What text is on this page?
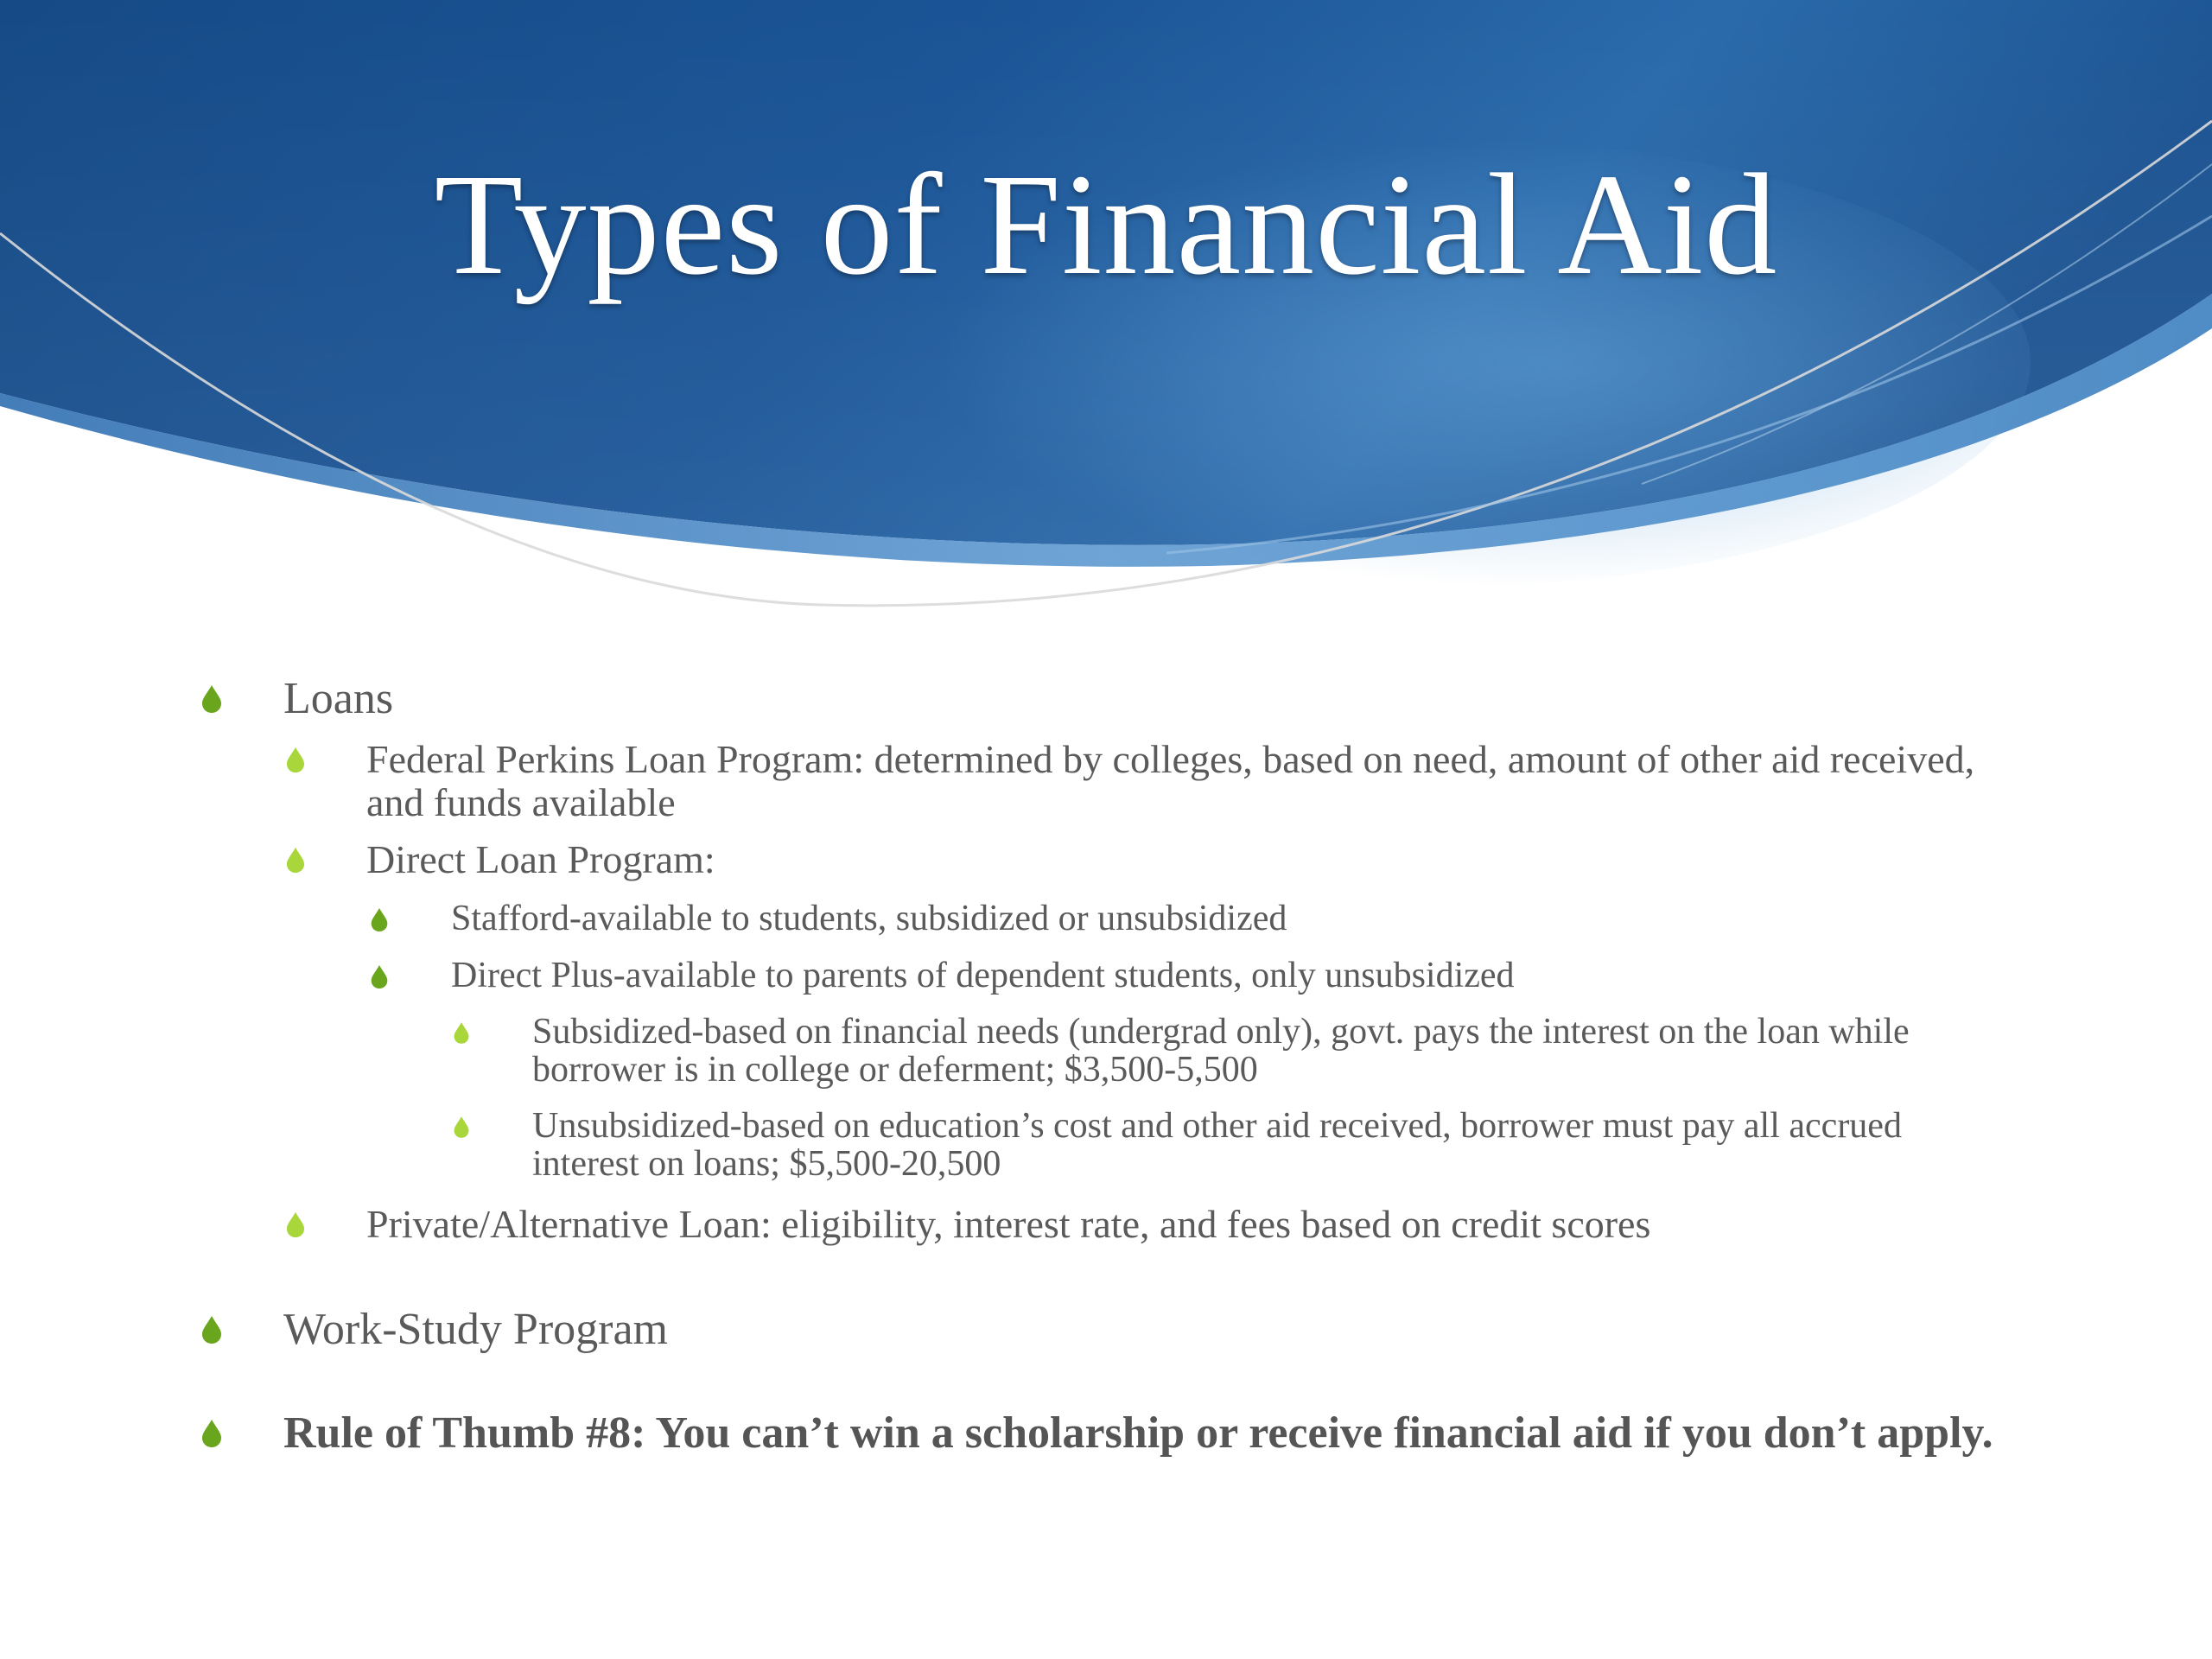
Types of Financial Aid
Loans
Federal Perkins Loan Program: determined by colleges, based on need, amount of other aid received, and funds available
Direct Loan Program:
Stafford-available to students, subsidized or unsubsidized
Direct Plus-available to parents of dependent students, only unsubsidized
Subsidized-based on financial needs (undergrad only), govt. pays the interest on the loan while borrower is in college or deferment; $3,500-5,500
Unsubsidized-based on education’s cost and other aid received, borrower must pay all accrued interest on loans; $5,500-20,500
Private/Alternative Loan: eligibility, interest rate, and fees based on credit scores
Work-Study Program
Rule of Thumb #8: You can’t win a scholarship or receive financial aid if you don’t apply.
